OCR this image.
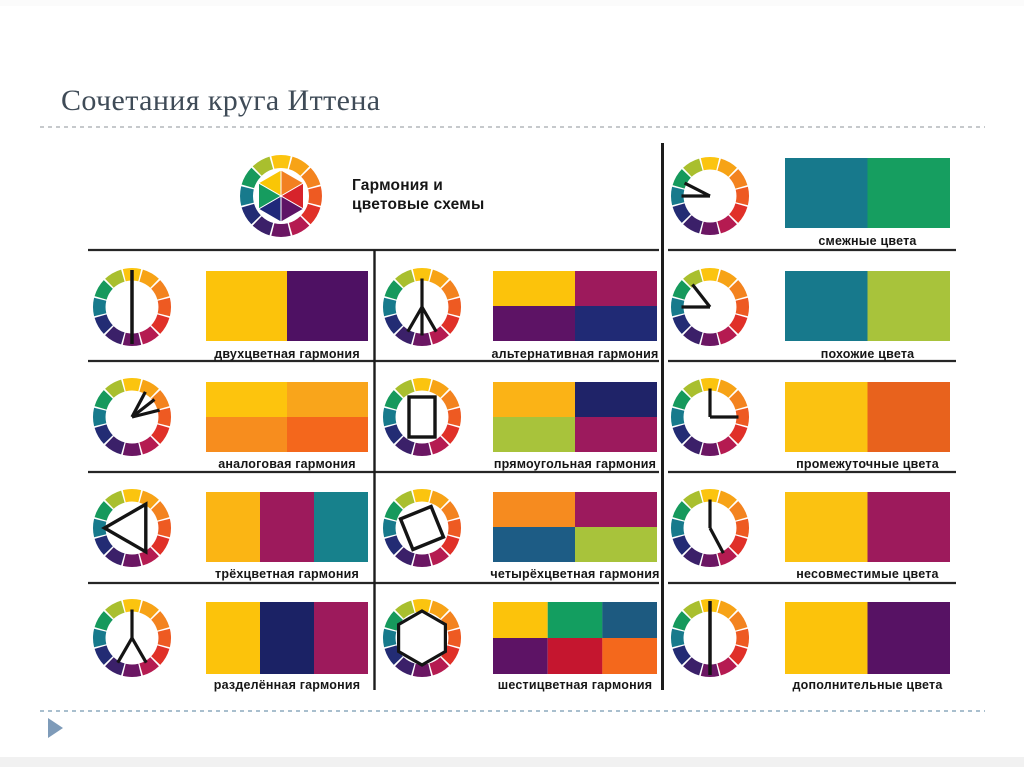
Сочетания круга Иттена
двухцветная гармония	альтернативная гармония
аналоговая гармония	прямоугольная гармония
трёхцветная гармония	четырёхцветная гармония
разделённая гармония	шестицветная гармония
смежные цвета
похожие цвета
промежуточные цвета
несовместимые цвета
дополнительные цвета
Гармония и
цветовые схемы
